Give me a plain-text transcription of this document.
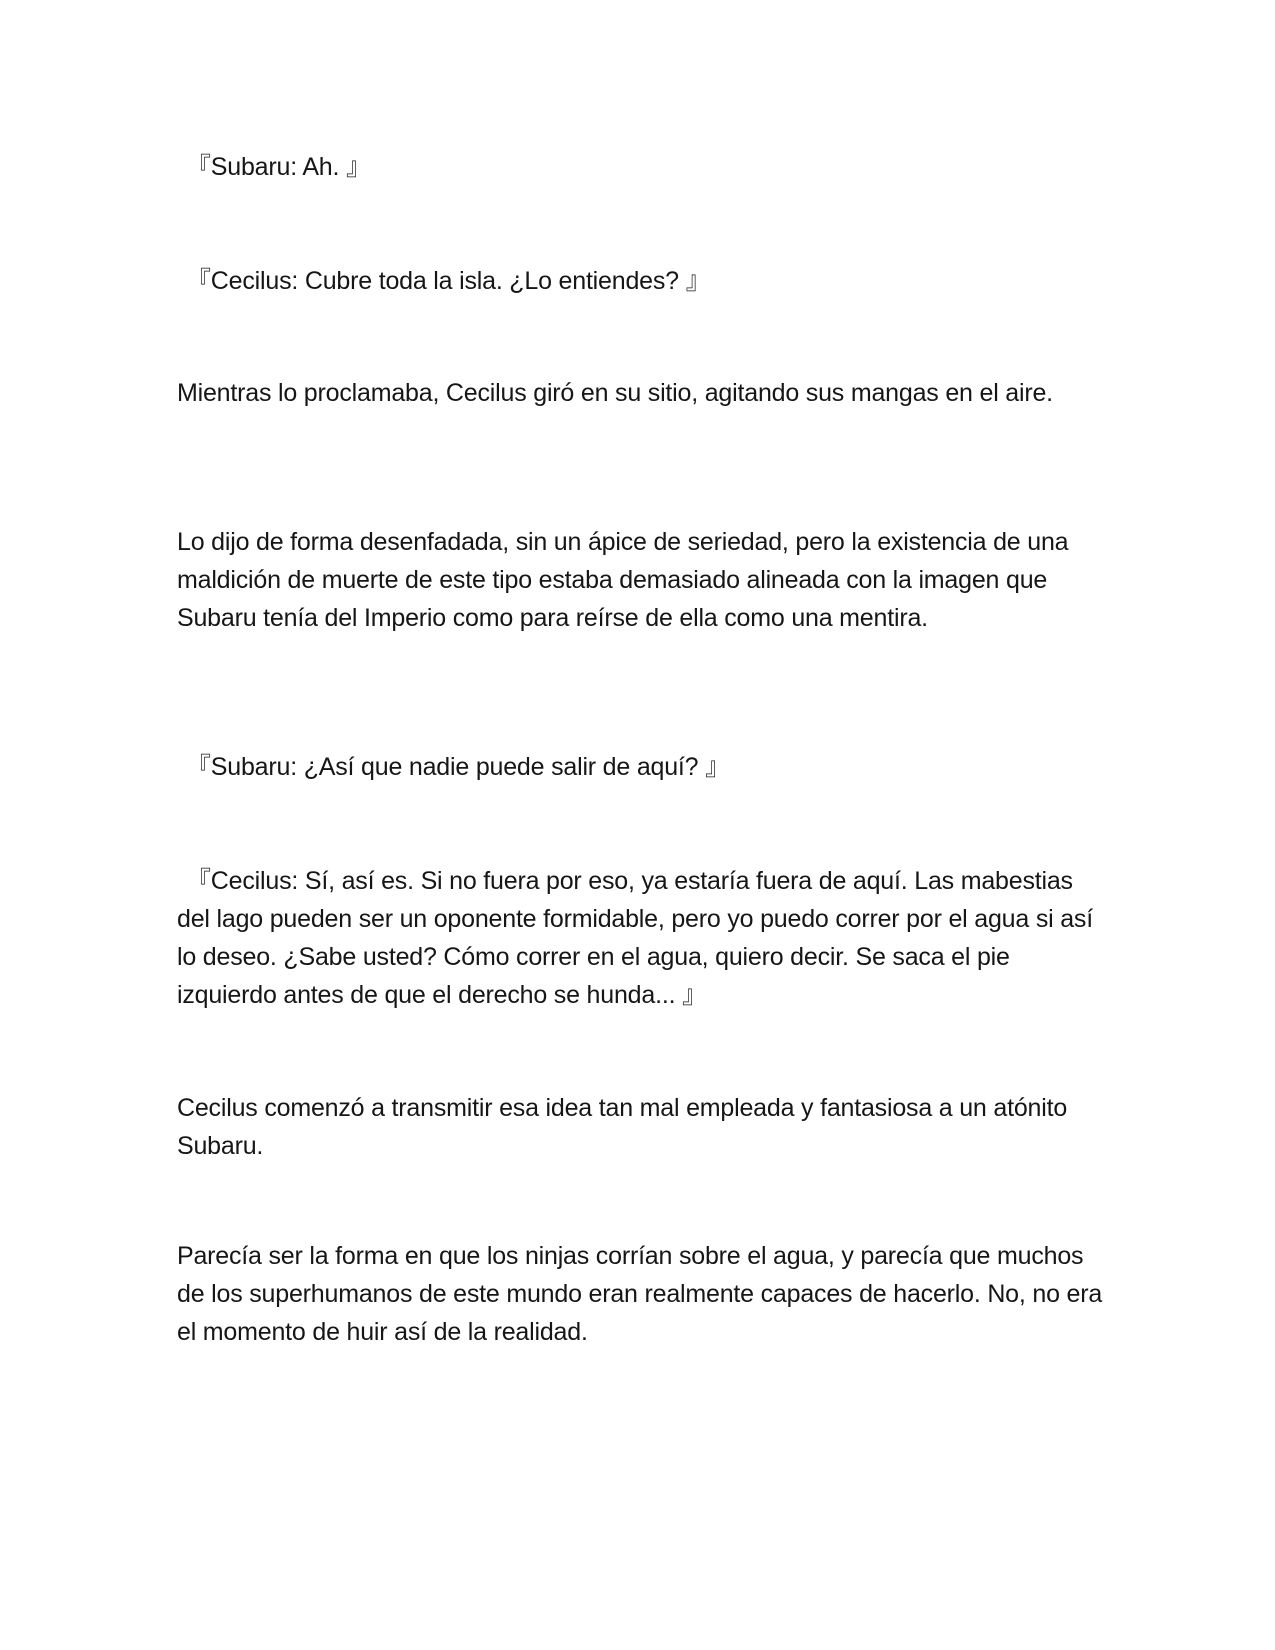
『Subaru: Ah. 』

『Cecilus: Cubre toda la isla. ¿Lo entiendes? 』

Mientras lo proclamaba, Cecilus giró en su sitio, agitando sus mangas en el aire.

Lo dijo de forma desenfadada, sin un ápice de seriedad, pero la existencia de una maldición de muerte de este tipo estaba demasiado alineada con la imagen que Subaru tenía del Imperio como para reírse de ella como una mentira.

『Subaru: ¿Así que nadie puede salir de aquí? 』

『Cecilus: Sí, así es. Si no fuera por eso, ya estaría fuera de aquí. Las mabestias del lago pueden ser un oponente formidable, pero yo puedo correr por el agua si así lo deseo. ¿Sabe usted? Cómo correr en el agua, quiero decir. Se saca el pie izquierdo antes de que el derecho se hunda... 』

Cecilus comenzó a transmitir esa idea tan mal empleada y fantasiosa a un atónito Subaru.

Parecía ser la forma en que los ninjas corrían sobre el agua, y parecía que muchos de los superhumanos de este mundo eran realmente capaces de hacerlo. No, no era el momento de huir así de la realidad.
